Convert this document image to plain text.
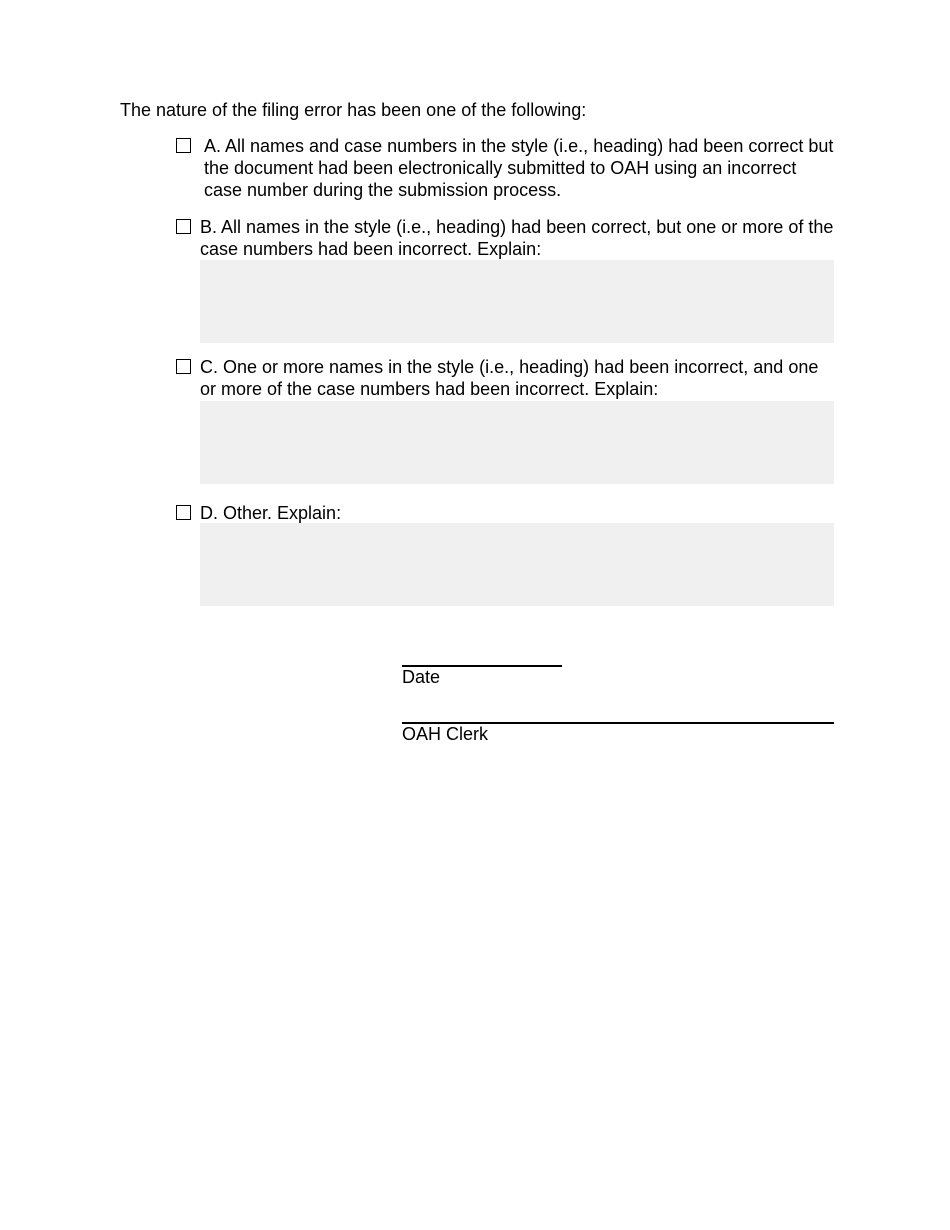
The nature of the filing error has been one of the following:
A. All names and case numbers in the style (i.e., heading) had been correct but the document had been electronically submitted to OAH using an incorrect case number during the submission process.
B. All names in the style (i.e., heading) had been correct, but one or more of the case numbers had been incorrect. Explain:
C. One or more names in the style (i.e., heading) had been incorrect, and one or more of the case numbers had been incorrect. Explain:
D. Other. Explain:
Date
OAH Clerk
